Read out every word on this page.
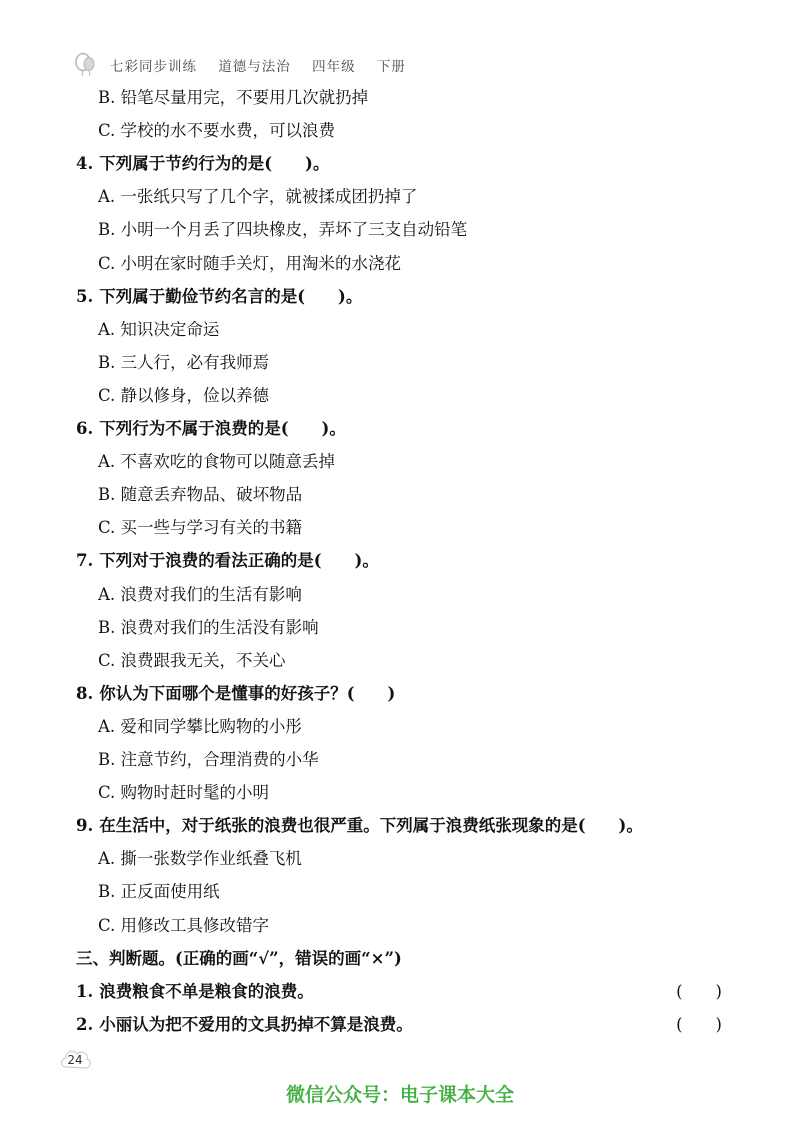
七彩同步训练 道德与法治 四年级 下册
B. 铅笔尽量用完，不要用几次就扔掉
C. 学校的水不要水费，可以浪费
4. 下列属于节约行为的是(　　)。
A. 一张纸只写了几个字，就被揉成团扔掉了
B. 小明一个月丢了四块橡皮，弄坏了三支自动铅笔
C. 小明在家时随手关灯，用淘米的水浇花
5. 下列属于勤俭节约名言的是(　　)。
A. 知识决定命运
B. 三人行，必有我师焉
C. 静以修身，俭以养德
6. 下列行为不属于浪费的是(　　)。
A. 不喜欢吃的食物可以随意丢掉
B. 随意丢弃物品、破坏物品
C. 买一些与学习有关的书籍
7. 下列对于浪费的看法正确的是(　　)。
A. 浪费对我们的生活有影响
B. 浪费对我们的生活没有影响
C. 浪费跟我无关，不关心
8. 你认为下面哪个是懂事的好孩子？(　　)
A. 爱和同学攀比购物的小彤
B. 注意节约，合理消费的小华
C. 购物时赶时髦的小明
9. 在生活中，对于纸张的浪费也很严重。下列属于浪费纸张现象的是(　　)。
A. 撕一张数学作业纸叠飞机
B. 正反面使用纸
C. 用修改工具修改错字
三、判断题。(正确的画“√”，错误的画“×”)
1. 浪费粮食不单是粮食的浪费。	(　　)
2. 小丽认为把不爱用的文具扔掉不算是浪费。	(　　)
24
微信公众号：电子课本大全
